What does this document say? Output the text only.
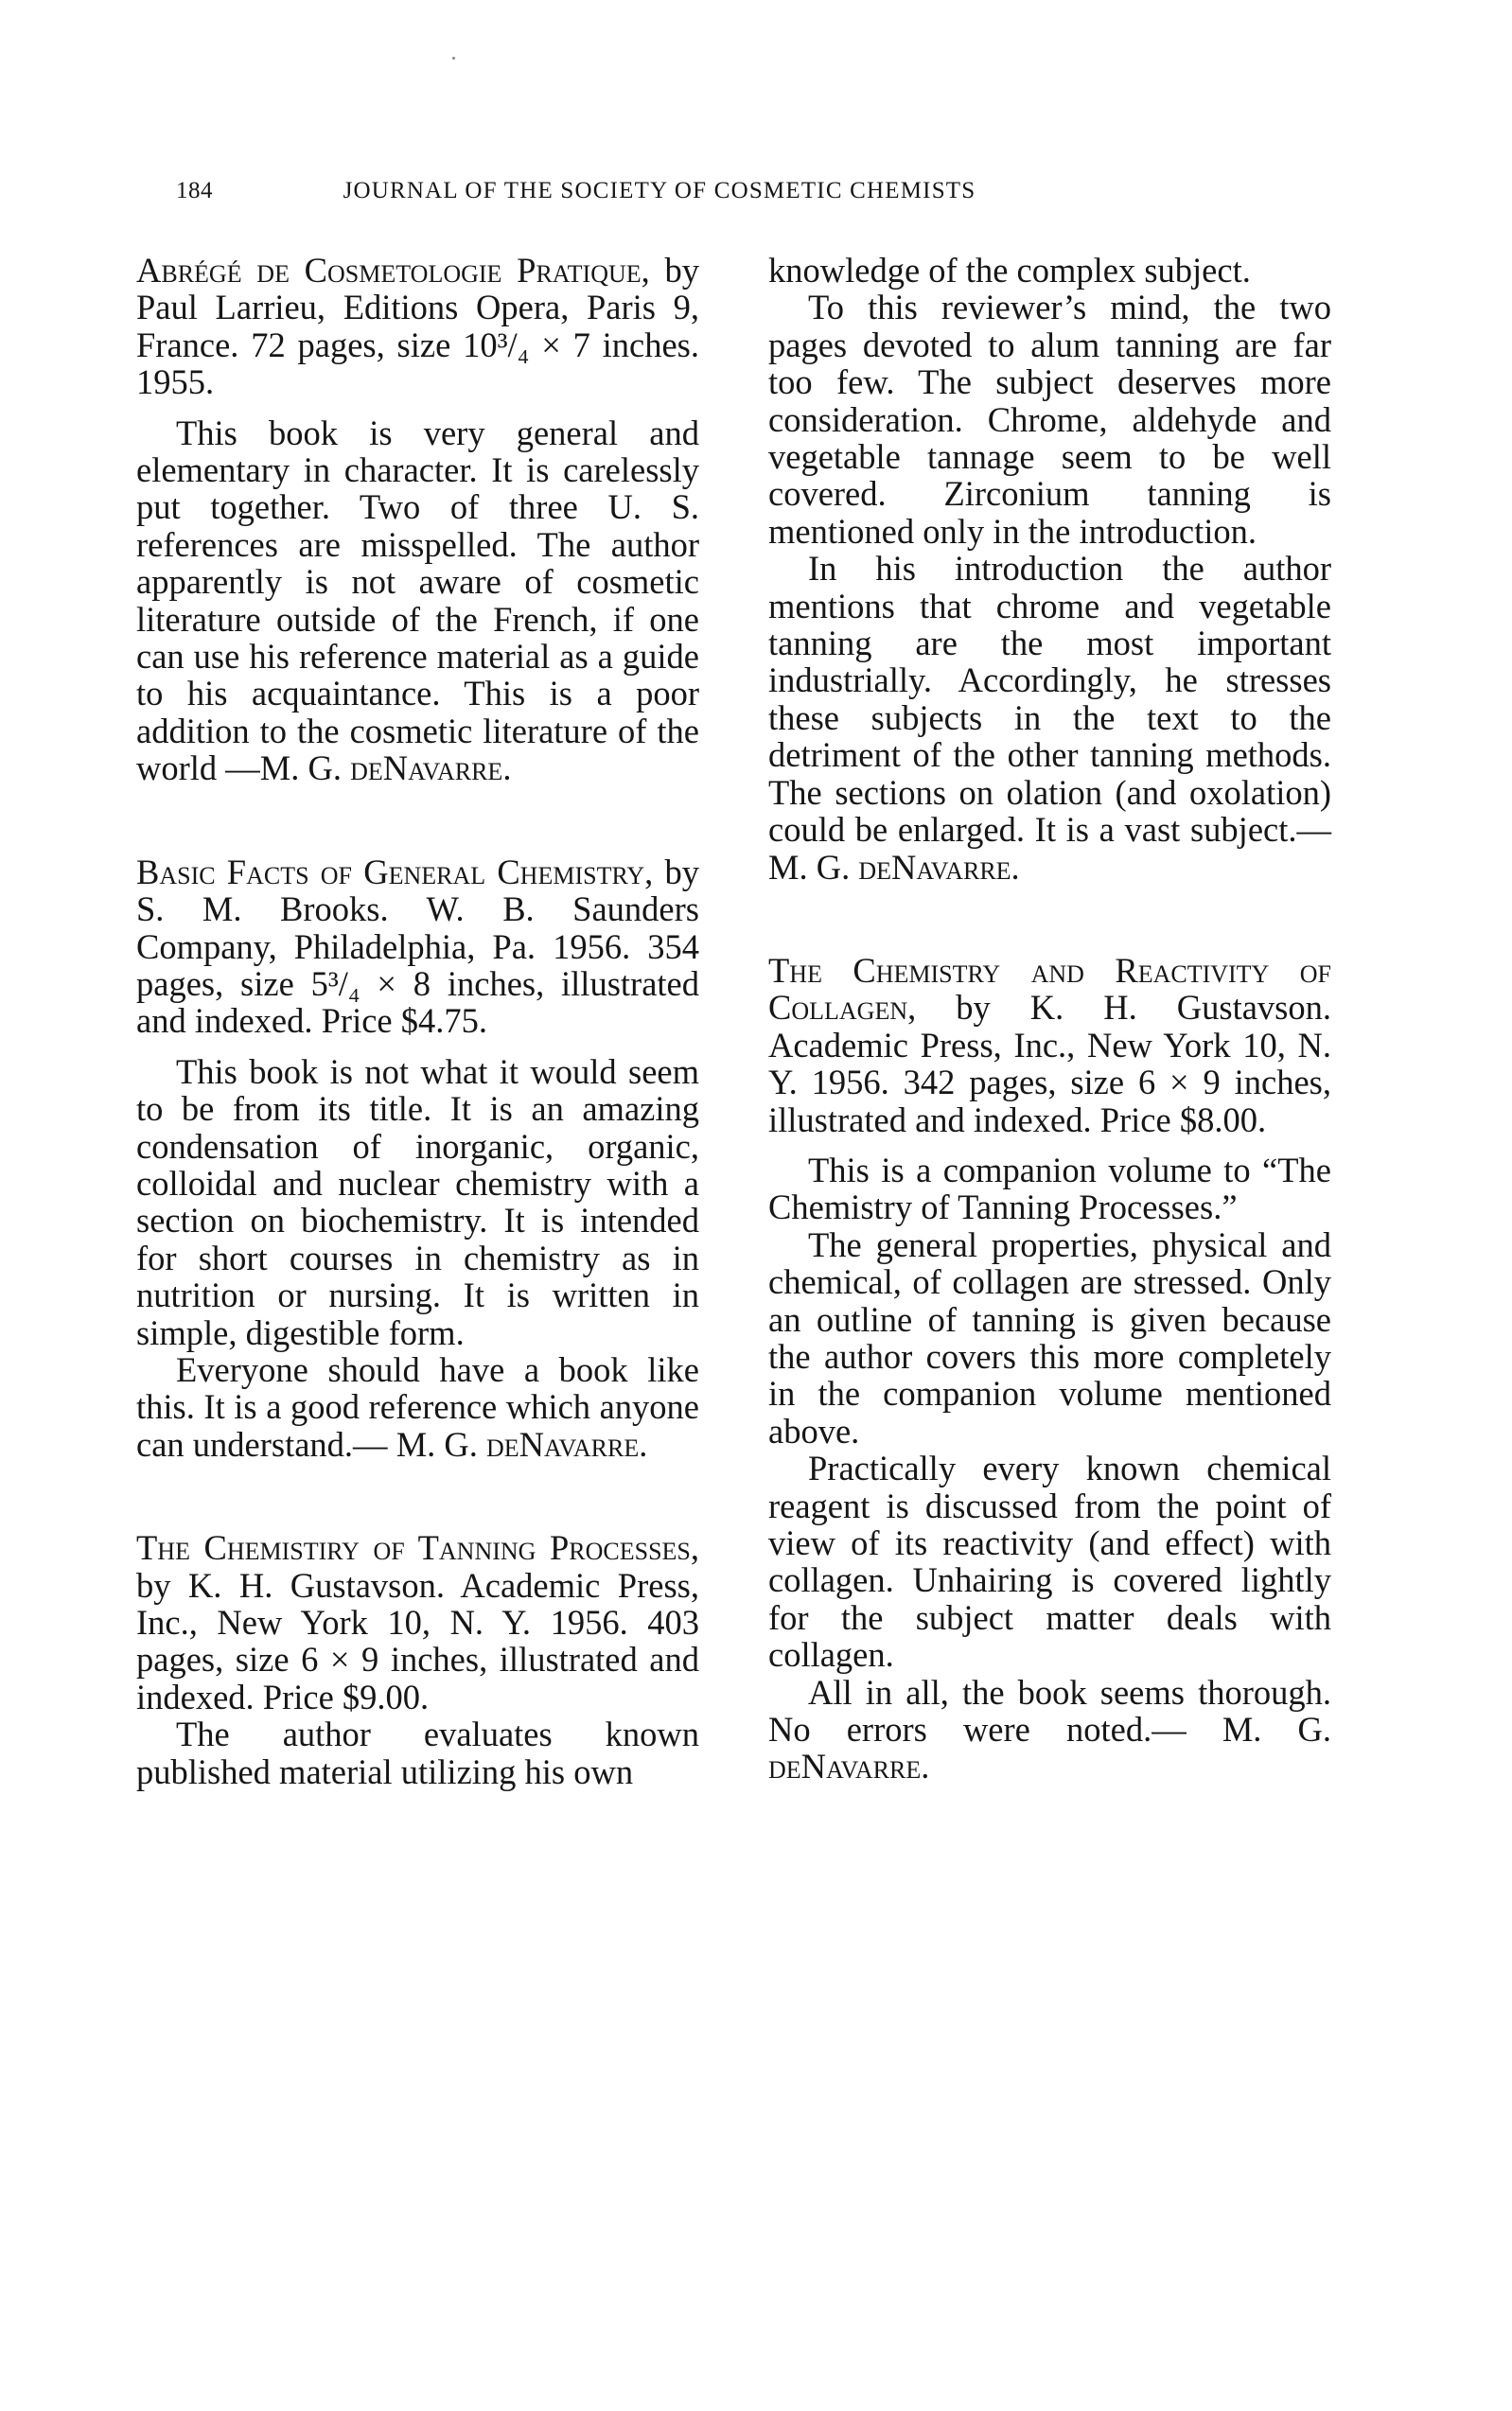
184	JOURNAL OF THE SOCIETY OF COSMETIC CHEMISTS

Abrégé de Cosmetologie Pratique, by Paul Larrieu, Editions Opera, Paris 9, France. 72 pages, size 10³/₄ × 7 inches. 1955.

This book is very general and elementary in character. It is carelessly put together. Two of three U. S. references are misspelled. The author apparently is not aware of cosmetic literature outside of the French, if one can use his reference material as a guide to his acquaintance. This is a poor addition to the cosmetic literature of the world —M. G. deNavarre.

Basic Facts of General Chemistry, by S. M. Brooks. W. B. Saunders Company, Philadelphia, Pa. 1956. 354 pages, size 5³/₄ × 8 inches, illustrated and indexed. Price $4.75.

This book is not what it would seem to be from its title. It is an amazing condensation of inorganic, organic, colloidal and nuclear chemistry with a section on biochemistry. It is intended for short courses in chemistry as in nutrition or nursing. It is written in simple, digestible form.

Everyone should have a book like this. It is a good reference which anyone can understand.— M. G. deNavarre.

The Chemistiry of Tanning Processes, by K. H. Gustavson. Academic Press, Inc., New York 10, N. Y. 1956. 403 pages, size 6 × 9 inches, illustrated and indexed. Price $9.00.

The author evaluates known published material utilizing his own

knowledge of the complex subject.

To this reviewer’s mind, the two pages devoted to alum tanning are far too few. The subject deserves more consideration. Chrome, aldehyde and vegetable tannage seem to be well covered. Zirconium tanning is mentioned only in the introduction.

In his introduction the author mentions that chrome and vegetable tanning are the most important industrially. Accordingly, he stresses these subjects in the text to the detriment of the other tanning methods. The sections on olation (and oxolation) could be enlarged. It is a vast subject.—M. G. deNavarre.

The Chemistry and Reactivity of Collagen, by K. H. Gustavson. Academic Press, Inc., New York 10, N. Y. 1956. 342 pages, size 6 × 9 inches, illustrated and indexed. Price $8.00.

This is a companion volume to “The Chemistry of Tanning Processes.”

The general properties, physical and chemical, of collagen are stressed. Only an outline of tanning is given because the author covers this more completely in the companion volume mentioned above.

Practically every known chemical reagent is discussed from the point of view of its reactivity (and effect) with collagen. Unhairing is covered lightly for the subject matter deals with collagen.

All in all, the book seems thorough. No errors were noted.— M. G. deNavarre.
